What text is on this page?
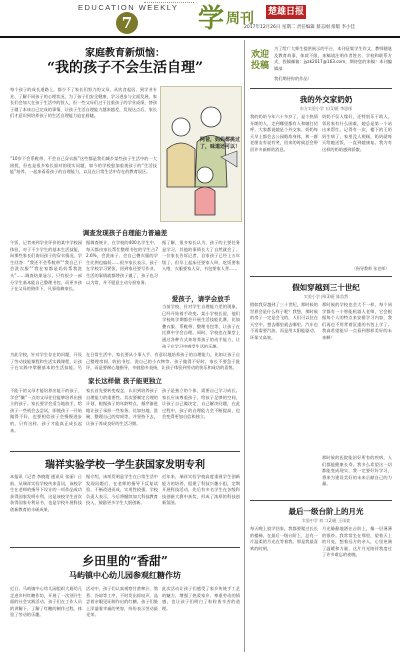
EDUCATION WEEKLY
7	学 周刊 楚雄日报
2017年12月26日 星期二 责任编辑 蔡志刚 排版 李小佳
家庭教育新烦恼：
“我的孩子不会生活自理”
每个孩子的成长道路上，都少不了家长们努力的父母，从饮食起居、到学业专业、了解不同孩子的心理状况，为了孩子们安全健康、学习进步与全面发展，家长们会加大在孩子生活中的投入，但一些父母们过于注重孩子的学业成绩，替孩子做了本该自己完成的事情，让孩子生活自理能力越来越差，发现这点后，家长们才意识到培养孩子的生活自理能力迫在眉睫。
“10岁不会系鞋带、不会自己穿衣服”这些都是我们城乡某些孩子生活中的一大困扰，但也是很多家长面对的现实问题，如今的学校愈加重视孩子的“生活技能”培养，一起来看看孩子的自理能力，以及在日常生活中存在的教育误区。
阿爸，妈妈都挑过了，味道还可以！
调查发现孩子自理能力普遍差
午饭，记者来到学业评价的某中学校园体验，对于不少学生的基本生活技能，向那些家长们询问孩子的穿衣情况，学生回答：“我还不会系鞋带”“我自己不会洗衣服”“我在家都是妈妈帮我洗头”……调查结果显示，只有很少一部分学生基本能自己整理书包，而更多孩子在父母的陪伴下，凡事依赖家长。
据调查统计，在学校的400名学生中，每天都由家长帮忙整理书包的学生占72.6%，会洗袜子、会自己叠衣服的学生比例也偏低……很多家长表示，孩子在学校学习紧张，回到家还要写作业，生活的事情就都替孩子做了，孩子也习以为常，并不愿意主动分担家务。
据了解，很多家长认为，孩子的主要任务是学习，其他的事情长大了自然就会了。一位家长告诉记者，自家孩子已经上五年级了，但早上起床还要家人叫，吃饭要家人喂，衣服要家人穿，书包要家人背……
爱孩子，请学会放手
当前学校，针对学生自理能力差的现象，已经开始着手改变。某小学校长说，他们学校每学期都会开展生活技能比赛，比如叠衣服、系鞋带、整理书包等，让孩子在比赛中学会自理。同时，学校也在课堂上通过各种方式来培养孩子的动手能力，让孩子在学习中感受生活的乐趣。
为此学校，针对学生存在的问题，开设了劳动技能课程和生活实践课程，让孩子在实践中掌握基本的生活技能。另
在日常生活中，家长要从小事入手，有意识地培养孩子的自理能力，比如让孩子自己整理房间、收拾书包、洗自己的小衣物等。孩子做得不好时，家长不要急于批评，而是要耐心地指导，多鼓励多表扬，让孩子体验到劳动的快乐和成功的喜悦。
家长这样做 孩子能更独立
不能干的父母才能培养出能干的孩子，学会“懒”一点的父母往往能够培养出独立的孩子。家长要学会适当地放手，给孩子一些机会去尝试，即使孩子一开始做得不好，也要相信孩子会慢慢进步的，只有这样，孩子才能真正成长起来。
家长首先要转变观念，认识到培养孩子自理能力的重要性。其次要制定合理的计划，根据孩子的年龄特点，循序渐进地让孩子承担一些家务，比如扫地、洗碗、整理自己的房间等，并坚持下去，让孩子养成良好的生活习惯。
孩子是独立的个体，需要自己学习成长。家长应该尊重孩子，给孩子足够的空间，让孩子自己做决定、自己解决问题，在此过程中，孩子的自理能力会不断提高，也会变得更加自信和独立。
瑞祥实验学校一学生获国家发明专利
本报讯（记者 李晓霞 通讯员 张丽）日前，从瑞祥实验学校传来喜讯，该校学生在老师的指导下设计的一项作品成功获得国家发明专利，这是该校学生首次获得国家专利证书，也是学校开展科技创新教育的丰硕成果。
据介绍，该项发明是学生在日常生活中发现问题后，在老师的指导下反复试验、不断改进而成，实用性较强。学校负责人表示，今后将继续加大科技教育投入，鼓励更多学生大胆创新。
近年来，瑞祥实验学校高度重视学生创新能力的培养，组建了科技兴趣小组，定期开展科技活动，先后有多名学生在各级科技创新大赛中获奖，形成了浓厚的科技创新氛围。
乡田里的“香甜”
马屿镇中心幼儿园参观红糖作坊
近日，马屿镇中心幼儿园组织大班幼儿走进乡村红糖作坊，开展了一次别开生面的社会实践活动。孩子们在工作人员的讲解下，了解了红糖的制作过程，体验了劳动的乐趣。
活动中，孩子们认真观察甘蔗榨汁、熬煮、冷却等工序，不时发出惊叹声。品尝着亲眼见证制作出的红糖，孩子们脸上洋溢着幸福的笑容，纷纷表示劳动最光荣。
此次活动让孩子们感受了家乡传统手工艺的魅力，增强了热爱家乡、尊重劳动的情感，也让孩子们明白了粒粒皆辛苦的道理。
欢迎投稿
为了给广大师生提供展示的平台，本刊征集学生作文、教师随笔及教育故事，体裁不限，来稿请注明作者姓名、学校和联系方式，投稿邮箱：jyzk2017@163.com，期待您的来稿！本刊编辑部
我们期待你的作品！
我的外交家奶奶
东方实验小学 五(1)班 李思彤
我的奶奶今年六十多岁了，是个热情开朗的人，走到哪里都有人和她打招呼，大家都说她是个外交家。奶奶每天早上都会去公园锻炼身体，和一群老朋友有说有笑，回来的时候总会带回许多新鲜的消息。
奶奶不仅人缘好，还特别乐于助人，邻居家有什么困难，她总是第一个站出来帮忙。记得有一次，楼下的王奶奶生病了，家里没人照顾，奶奶就每天给她送饭，一直到她康复。我为有这样的奶奶感到骄傲。
（指导教师 张老师）
假如穿越到三十世纪
实验小学 四(3)班 陈浩然
假如我穿越到了三十世纪，那时候的世界会是什么样子呢？我想，那时候的房子一定是会飞的，人们可以住在天空中，想去哪里就去哪里。汽车也不再需要汽油，而是用太阳能驱动，环保又高效。
那时候的学校也会大不一样，每个同学都有一个智能机器人老师，它会根据每个人的特点来安排学习内容，我们再也不用背着沉重的书包上学了。我真希望能早一点看到那样美好的未来啊！
那时候的医院能治好所有的疾病，人们都能健康长寿。我多么希望这一切都能变成现实，我一定要好好学习，将来为建设美好的未来贡献自己的力量。
最后一级台阶上的月光
实验中学 初二(2)班 王雨萱
每天晚上放学回家，我都要爬过长长的楼梯，在最后一级台阶上，总有一片温柔的月光在等着我，那是我最喜欢的时刻。
月光静静地洒在台阶上，像一层薄薄的银纱。我常常坐在那里，望着天上的月亮，想着远方的亲人，心里充满了温暖和力量，这片月光陪伴我度过了许多难忘的夜晚。
